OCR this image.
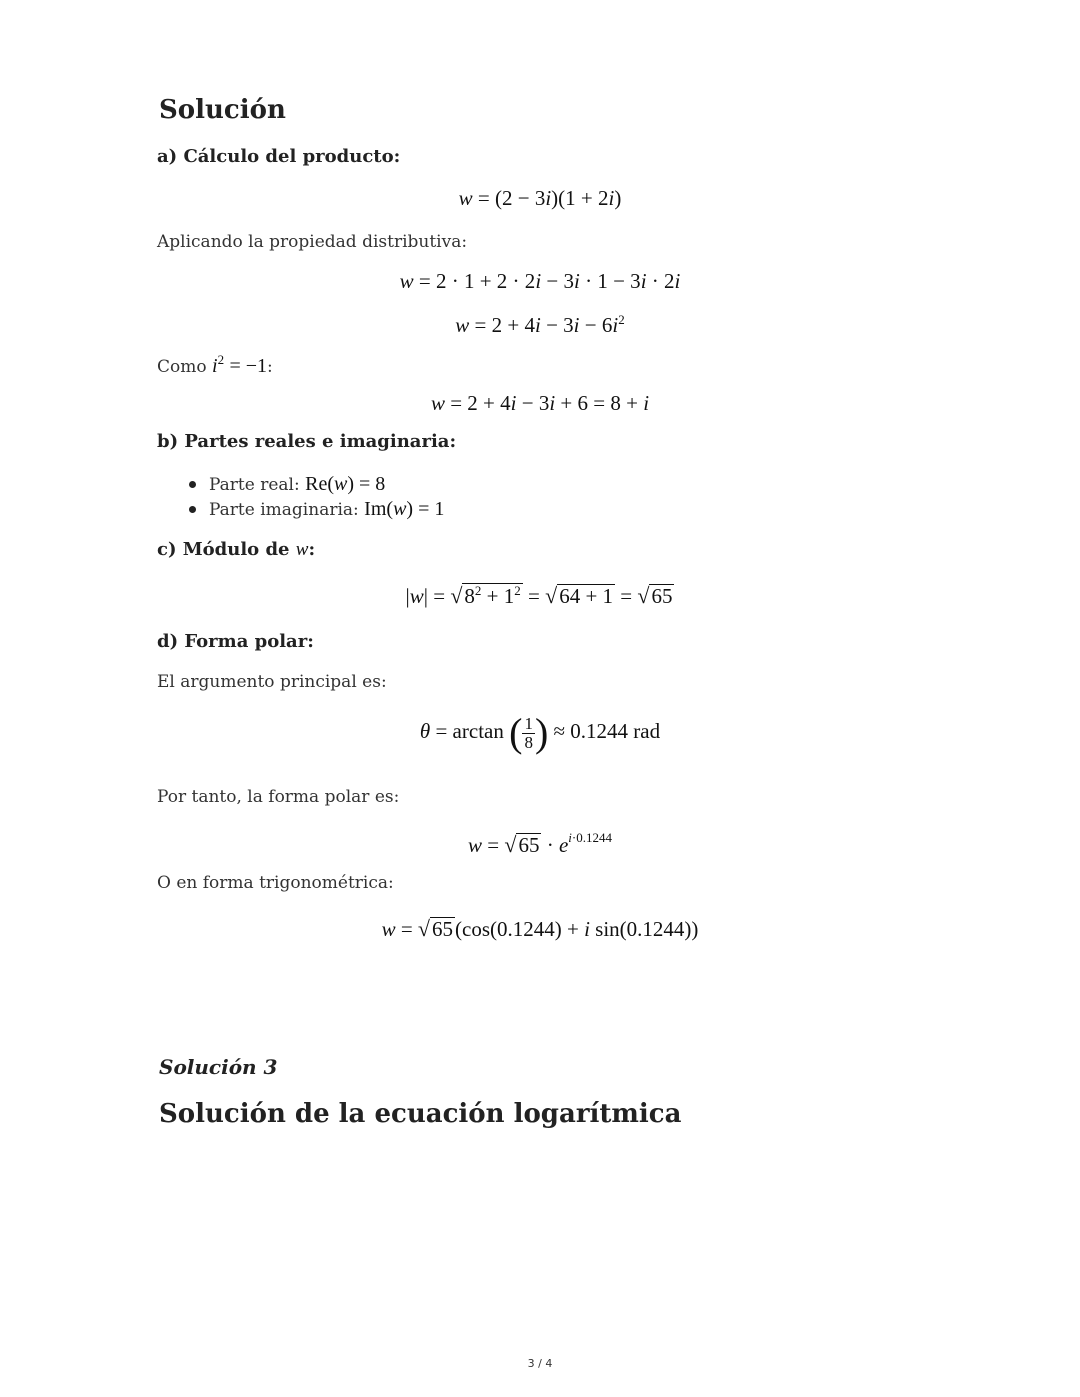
Solución
a) Cálculo del producto:
w = (2 − 3i)(1 + 2i)
Aplicando la propiedad distributiva:
w = 2 · 1 + 2 · 2i − 3i · 1 − 3i · 2i
$w = 2 + 4i - 3i - 6i^2$
Como $i^2 = -1$:
w = 2 + 4i − 3i + 6 = 8 + i
b) Partes reales e imaginaria:
Parte real: Re(w) = 8
Parte imaginaria: Im(w) = 1
c) Módulo de w:
$|w| = √8^2 + 1^2 = √64 + 1 = √65$
d) Forma polar:
El argumento principal es:
θ = arctan ( $\frac{1}{8}$ ) ≈ 0.1244 rad
Por tanto, la forma polar es:
$w = √65 \cdot e^{i\cdot 0.1244}$
O en forma trigonométrica:
w = √65(cos(0.1244) + i sin(0.1244))
Solución 3
Solución de la ecuación logarítmica
3 / 4
